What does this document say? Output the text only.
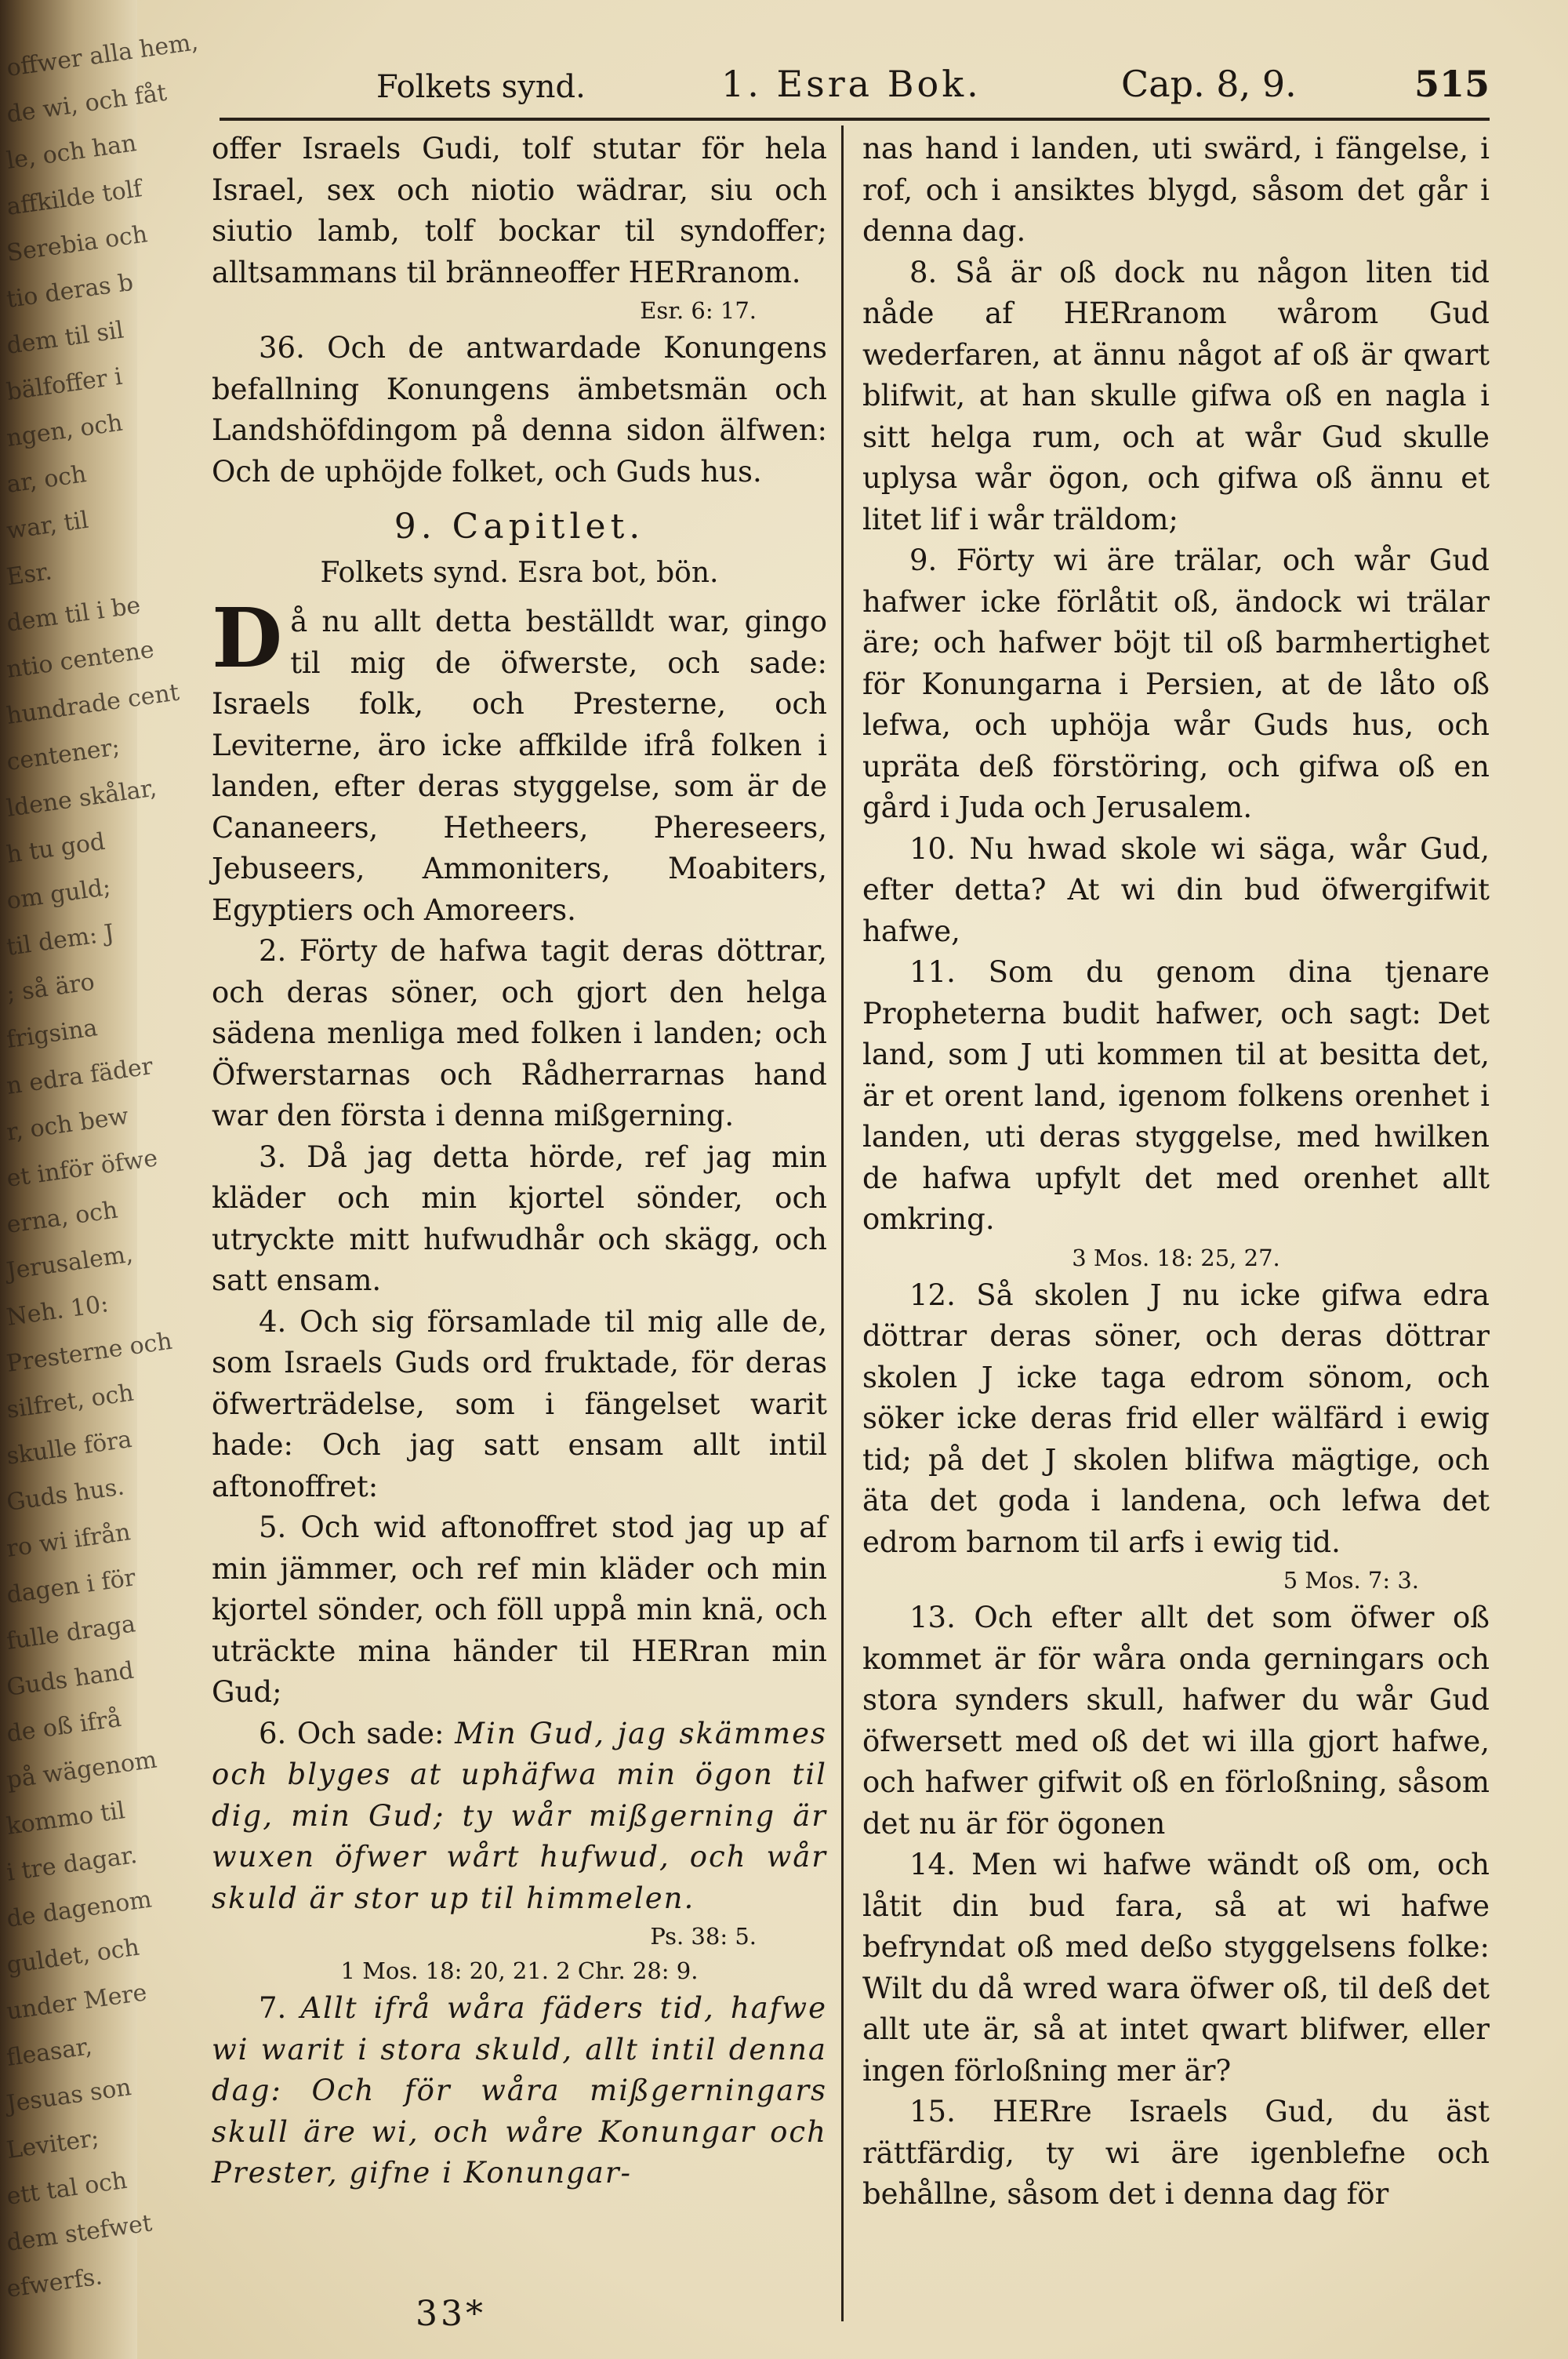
offwer alla hem,
de wi, och fåt
le, och han
affkilde tolf
Serebia och
tio deras b
dem til sil
bälfoffer i
ngen, och
ar, och
war, til
Esr.
dem til i be
ntio centene
hundrade cent
centener;
ldene skålar,
h tu god
om guld;
til dem: J
; så äro
frigsina
n edra fäder
r, och bew
et inför öfwe
erna, och
Jerusalem,
Neh. 10:
Presterne och
silfret, och
skulle föra
Guds hus.
ro wi ifrån
dagen i för
fulle draga
Guds hand
de oß ifrå
på wägenom
kommo til
i tre dagar.
de dagenom
guldet, och
under Mere
fleasar,
Jesuas son
Leviter;
ett tal och
dem stefwet
efwerfs.
Folkets synd.	1. Esra Bok.	Cap. 8, 9.	515

offer Israels Gudi, tolf stutar för hela Israel, sex och niotio wädrar, siu och siutio lamb, tolf bockar til syndoffer; alltsammans til bränneoffer HERranom.

Esr. 6: 17.

36. Och de antwardade Konungens befallning Konungens ämbetsmän och Landshöfdingom på denna sidon älfwen: Och de uphöjde folket, och Guds hus.

9. Capitlet.
Folkets synd. Esra bot, bön.

Då nu allt detta beställdt war, gingo til mig de öfwerste, och sade: Israels folk, och Presterne, och Leviterne, äro icke affkilde ifrå folken i landen, efter deras styggelse, som är de Cananeers, Hetheers, Phereseers, Jebuseers, Ammoniters, Moabiters, Egyptiers och Amoreers.

2. Förty de hafwa tagit deras döttrar, och deras söner, och gjort den helga sädena menliga med folken i landen; och Öfwerstarnas och Rådherrarnas hand war den första i denna mißgerning.

3. Då jag detta hörde, ref jag min kläder och min kjortel sönder, och utryckte mitt hufwudhår och skägg, och satt ensam.

4. Och sig församlade til mig alle de, som Israels Guds ord fruktade, för deras öfwerträdelse, som i fängelset warit hade: Och jag satt ensam allt intil aftonoffret:

5. Och wid aftonoffret stod jag up af min jämmer, och ref min kläder och min kjortel sönder, och föll uppå min knä, och uträckte mina händer til HERran min Gud;

6. Och sade: Min Gud, jag skämmes och blyges at uphäfwa min ögon til dig, min Gud; ty wår mißgerning är wuxen öfwer wårt hufwud, och wår skuld är stor up til himmelen.

Ps. 38: 5.
1 Mos. 18: 20, 21. 2 Chr. 28: 9.

7. Allt ifrå wåra fäders tid, hafwe wi warit i stora skuld, allt intil denna dag: Och för wåra mißgerningars skull äre wi, och wåre Konungar och Prester, gifne i Konungar-

33*

nas hand i landen, uti swärd, i fängelse, i rof, och i ansiktes blygd, såsom det går i denna dag.

8. Så är oß dock nu någon liten tid nåde af HERranom wårom Gud wederfaren, at ännu något af oß är qwart blifwit, at han skulle gifwa oß en nagla i sitt helga rum, och at wår Gud skulle uplysa wår ögon, och gifwa oß ännu et litet lif i wår träldom;

9. Förty wi äre trälar, och wår Gud hafwer icke förlåtit oß, ändock wi trälar äre; och hafwer böjt til oß barmhertighet för Konungarna i Persien, at de låto oß lefwa, och uphöja wår Guds hus, och upräta deß förstöring, och gifwa oß en gård i Juda och Jerusalem.

10. Nu hwad skole wi säga, wår Gud, efter detta? At wi din bud öfwergifwit hafwe,

11. Som du genom dina tjenare Propheterna budit hafwer, och sagt: Det land, som J uti kommen til at besitta det, är et orent land, igenom folkens orenhet i landen, uti deras styggelse, med hwilken de hafwa upfylt det med orenhet allt omkring.

3 Mos. 18: 25, 27.

12. Så skolen J nu icke gifwa edra döttrar deras söner, och deras döttrar skolen J icke taga edrom sönom, och söker icke deras frid eller wälfärd i ewig tid; på det J skolen blifwa mägtige, och äta det goda i landena, och lefwa det edrom barnom til arfs i ewig tid.

5 Mos. 7: 3.

13. Och efter allt det som öfwer oß kommet är för wåra onda gerningars och stora synders skull, hafwer du wår Gud öfwersett med oß det wi illa gjort hafwe, och hafwer gifwit oß en förloßning, såsom det nu är för ögonen

14. Men wi hafwe wändt oß om, och låtit din bud fara, så at wi hafwe befryndat oß med deßo styggelsens folke: Wilt du då wred wara öfwer oß, til deß det allt ute är, så at intet qwart blifwer, eller ingen förloßning mer är?

15. HERre Israels Gud, du äst rättfärdig, ty wi äre igenblefne och behållne, såsom det i denna dag för
